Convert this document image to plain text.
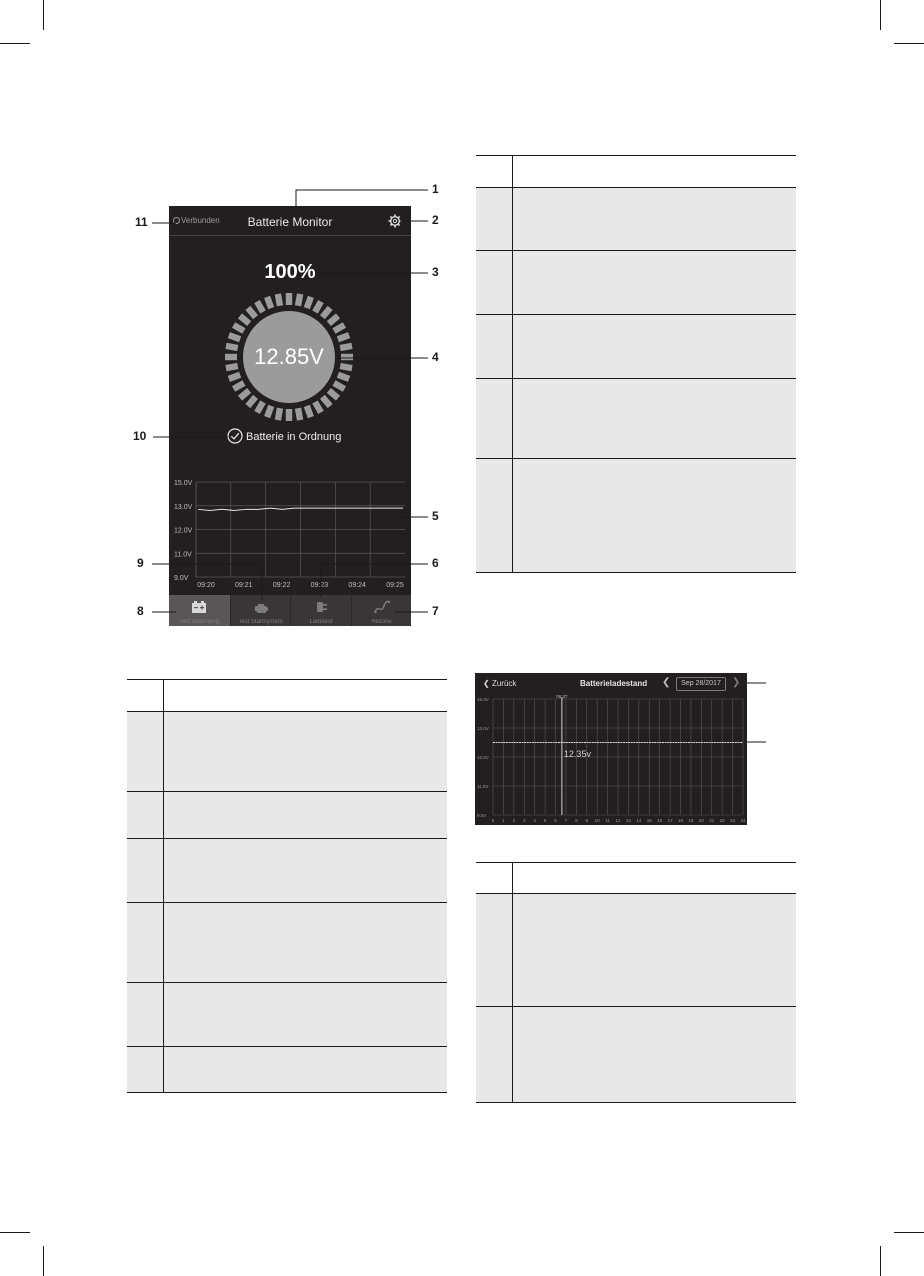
Verbunden	Batterie Monitor
100%
12.85V
Batterie in Ordnung
15.0V
13.0V
12.0V
11.0V
9.0V
09:20	09:21	09:22	09:23	09:24	09:25
Test Spannung	Test Startsystem	Ladetest	Historie
1
2
3
4
5
6
7
8
9
10
11
❮ Zurück	Batterieladestand ❮	Sep 28/2017	❯
15.0V
13.0V
12.0V
11.0V
9.0V
0 1 2 3 4 5 6 7 8 9 10 11 12 13 14 15 16 17 18 19 20 21 22 23 24
06:37
12.35v
